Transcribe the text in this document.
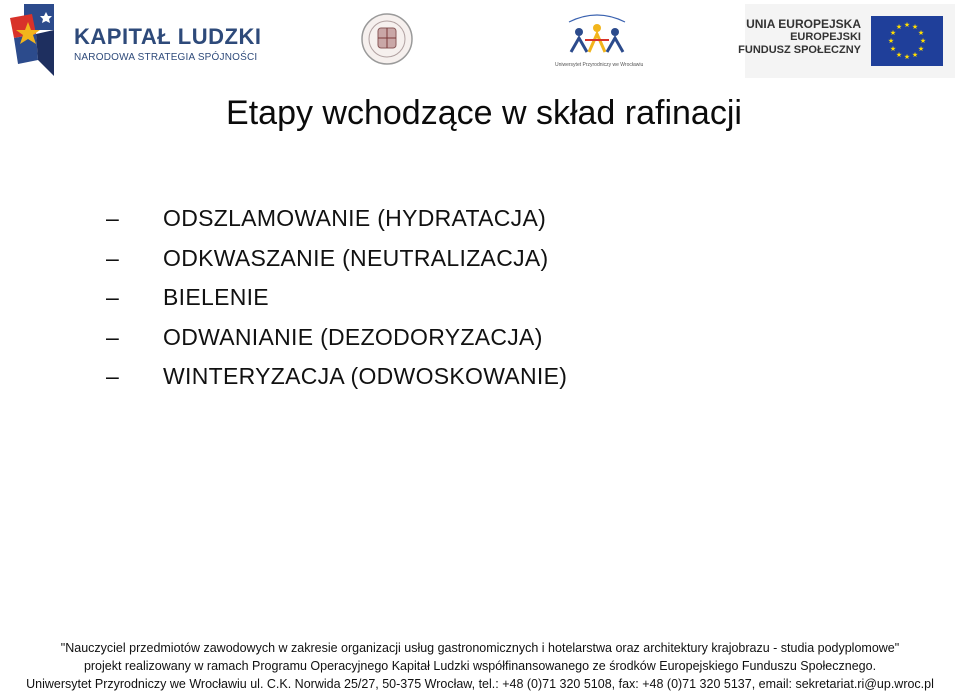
KAPITAŁ LUDZKI
NARODOWA STRATEGIA SPÓJNOŚCI
Uniwersytet Przyrodniczy we Wrocławiu
UNIA EUROPEJSKA
EUROPEJSKI
FUNDUSZ SPOŁECZNY
★ ★
★
★
★
★
★
★
★
★
★
★
Etapy wchodzące w skład rafinacji
–	ODSZLAMOWANIE (HYDRATACJA)
–	ODKWASZANIE (NEUTRALIZACJA)
–	BIELENIE
–	ODWANIANIE (DEZODORYZACJA)
–	WINTERYZACJA (ODWOSKOWANIE)
"Nauczyciel przedmiotów zawodowych w zakresie organizacji usług gastronomicznych i hotelarstwa oraz architektury krajobrazu - studia podyplomowe"
projekt realizowany w ramach Programu Operacyjnego Kapitał Ludzki współfinansowanego ze środków Europejskiego Funduszu Społecznego.
Uniwersytet Przyrodniczy we Wrocławiu ul. C.K. Norwida 25/27, 50-375 Wrocław, tel.: +48 (0)71 320 5108, fax: +48 (0)71 320 5137, email: sekretariat.ri@up.wroc.pl
